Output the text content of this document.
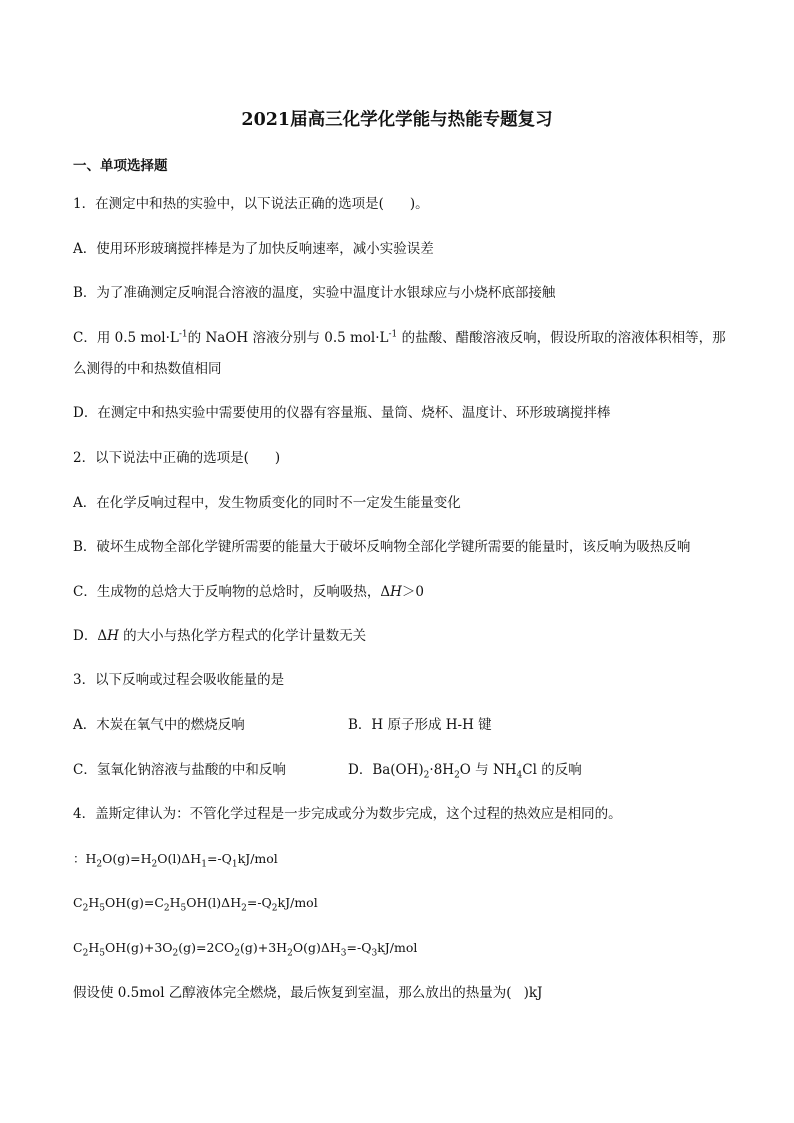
2021届高三化学化学能与热能专题复习
一、单项选择题
1．在测定中和热的实验中，以下说法正确的选项是( )。
A．使用环形玻璃搅拌棒是为了加快反响速率，减小实验误差
B．为了准确测定反响混合溶液的温度，实验中温度计水银球应与小烧杯底部接触
C．用 0.5 $mol\cdot L^{-1}$的 NaOH 溶液分别与 0.5 $mol\cdot L^{-1}$ 的盐酸、醋酸溶液反响，假设所取的溶液体积相等，那
么测得的中和热数值相同
D．在测定中和热实验中需要使用的仪器有容量瓶、量筒、烧杯、温度计、环形玻璃搅拌棒
2．以下说法中正确的选项是( )
A．在化学反响过程中，发生物质变化的同时不一定发生能量变化
B．破坏生成物全部化学键所需要的能量大于破坏反响物全部化学键所需要的能量时，该反响为吸热反响
C．生成物的总焓大于反响物的总焓时，反响吸热，ΔH＞0
D．ΔH 的大小与热化学方程式的化学计量数无关
3．以下反响或过程会吸收能量的是
A．木炭在氧气中的燃烧反响	B．H 原子形成 H-H 键
C．氢氧化钠溶液与盐酸的中和反响	D．$Ba(OH)_2\cdot 8H_2O$ 与 $NH_4Cl$ 的反响
4．盖斯定律认为：不管化学过程是一步完成或分为数步完成，这个过程的热效应是相同的。
：$H_2O(g)=H_2O(l)\Delta H_1=-Q_1kJ$/mol
$C_2H_5OH(g)=C_2H_5OH(l)\Delta H_2=-Q_2kJ$/mol
$C_2H_5OH(g)+3O_2(g)=2CO_2(g)+3H_2O(g)\Delta H_3=-Q_3kJ$/mol
假设使 0.5mol 乙醇液体完全燃烧，最后恢复到室温，那么放出的热量为( )kJ
